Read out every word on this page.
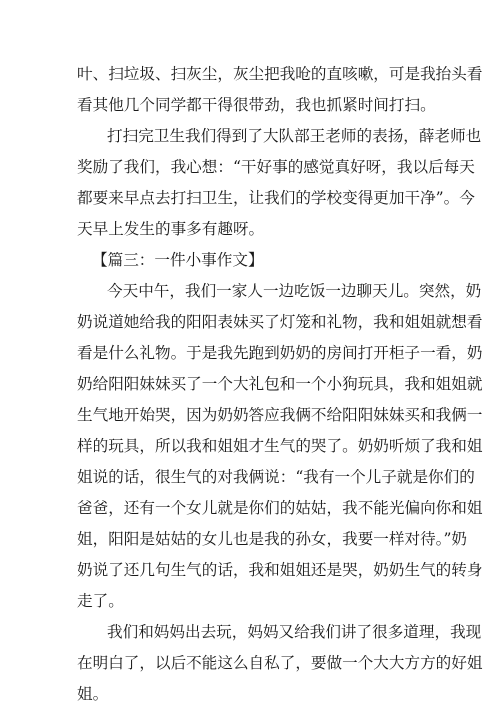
叶、扫垃圾、扫灰尘，灰尘把我呛的直咳嗽，可是我抬头看
看其他几个同学都干得很带劲，我也抓紧时间打扫。
打扫完卫生我们得到了大队部王老师的表扬，薛老师也
奖励了我们，我心想：“干好事的感觉真好呀，我以后每天
都要来早点去打扫卫生，让我们的学校变得更加干净”。今
天早上发生的事多有趣呀。
【篇三：一件小事作文】
今天中午，我们一家人一边吃饭一边聊天儿。突然，奶
奶说道她给我的阳阳表妹买了灯笼和礼物，我和姐姐就想看
看是什么礼物。于是我先跑到奶奶的房间打开柜子一看，奶
奶给阳阳妹妹买了一个大礼包和一个小狗玩具，我和姐姐就
生气地开始哭，因为奶奶答应我俩不给阳阳妹妹买和我俩一
样的玩具，所以我和姐姐才生气的哭了。奶奶听烦了我和姐
姐说的话，很生气的对我俩说：“我有一个儿子就是你们的
爸爸，还有一个女儿就是你们的姑姑，我不能光偏向你和姐
姐，阳阳是姑姑的女儿也是我的孙女，我要一样对待。”奶
奶说了还几句生气的话，我和姐姐还是哭，奶奶生气的转身
走了。
我们和妈妈出去玩，妈妈又给我们讲了很多道理，我现
在明白了，以后不能这么自私了，要做一个大大方方的好姐
姐。
